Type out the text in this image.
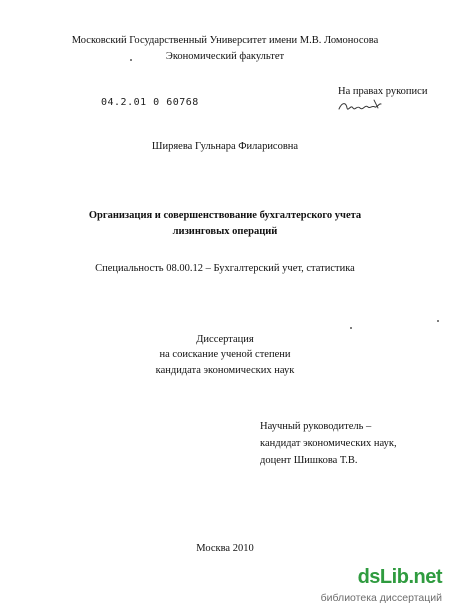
Московский Государственный Университет имени М.В. Ломоносова
Экономический факультет
На правах рукописи
04.2.01 0 60768
Ширяева Гульнара Филарисовна
Организация и совершенствование бухгалтерского учета
лизинговых операций
Специальность 08.00.12 – Бухгалтерский учет, статистика
Диссертация
на соискание ученой степени
кандидата экономических наук
Научный руководитель –
кандидат экономических наук,
доцент Шишкова Т.В.
Москва 2010
dsLib.net
библиотека диссертаций
